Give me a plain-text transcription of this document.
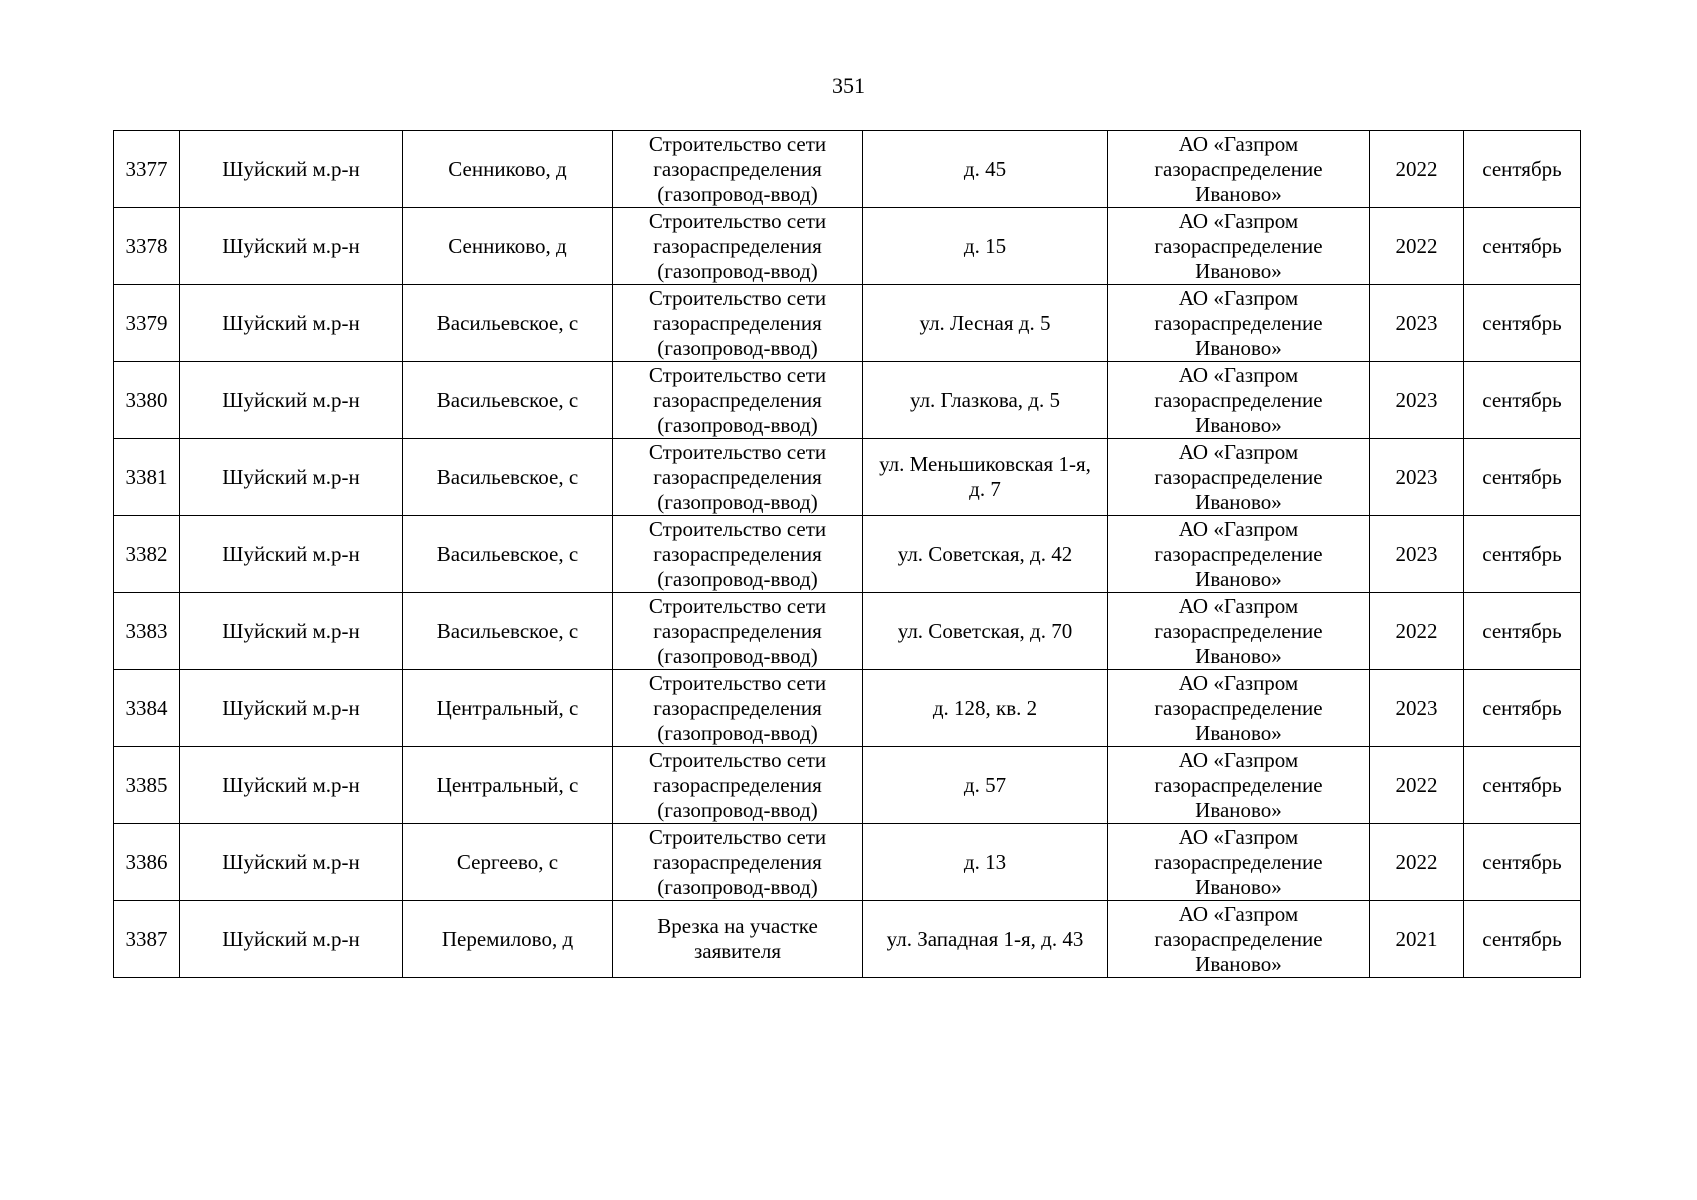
351
3377	Шуйский м.р-н	Сенниково, д	Строительство сети газораспределения (газопровод-ввод)	д. 45	АО «Газпром газораспределение Иваново»	2022	сентябрь
3378	Шуйский м.р-н	Сенниково, д	Строительство сети газораспределения (газопровод-ввод)	д. 15	АО «Газпром газораспределение Иваново»	2022	сентябрь
3379	Шуйский м.р-н	Васильевское, с	Строительство сети газораспределения (газопровод-ввод)	ул. Лесная д. 5	АО «Газпром газораспределение Иваново»	2023	сентябрь
3380	Шуйский м.р-н	Васильевское, с	Строительство сети газораспределения (газопровод-ввод)	ул. Глазкова, д. 5	АО «Газпром газораспределение Иваново»	2023	сентябрь
3381	Шуйский м.р-н	Васильевское, с	Строительство сети газораспределения (газопровод-ввод)	ул. Меньшиковская 1-я, д. 7	АО «Газпром газораспределение Иваново»	2023	сентябрь
3382	Шуйский м.р-н	Васильевское, с	Строительство сети газораспределения (газопровод-ввод)	ул. Советская, д. 42	АО «Газпром газораспределение Иваново»	2023	сентябрь
3383	Шуйский м.р-н	Васильевское, с	Строительство сети газораспределения (газопровод-ввод)	ул. Советская, д. 70	АО «Газпром газораспределение Иваново»	2022	сентябрь
3384	Шуйский м.р-н	Центральный, с	Строительство сети газораспределения (газопровод-ввод)	д. 128, кв. 2	АО «Газпром газораспределение Иваново»	2023	сентябрь
3385	Шуйский м.р-н	Центральный, с	Строительство сети газораспределения (газопровод-ввод)	д. 57	АО «Газпром газораспределение Иваново»	2022	сентябрь
3386	Шуйский м.р-н	Сергеево, с	Строительство сети газораспределения (газопровод-ввод)	д. 13	АО «Газпром газораспределение Иваново»	2022	сентябрь
3387	Шуйский м.р-н	Перемилово, д	Врезка на участке заявителя	ул. Западная 1-я, д. 43	АО «Газпром газораспределение Иваново»	2021	сентябрь
